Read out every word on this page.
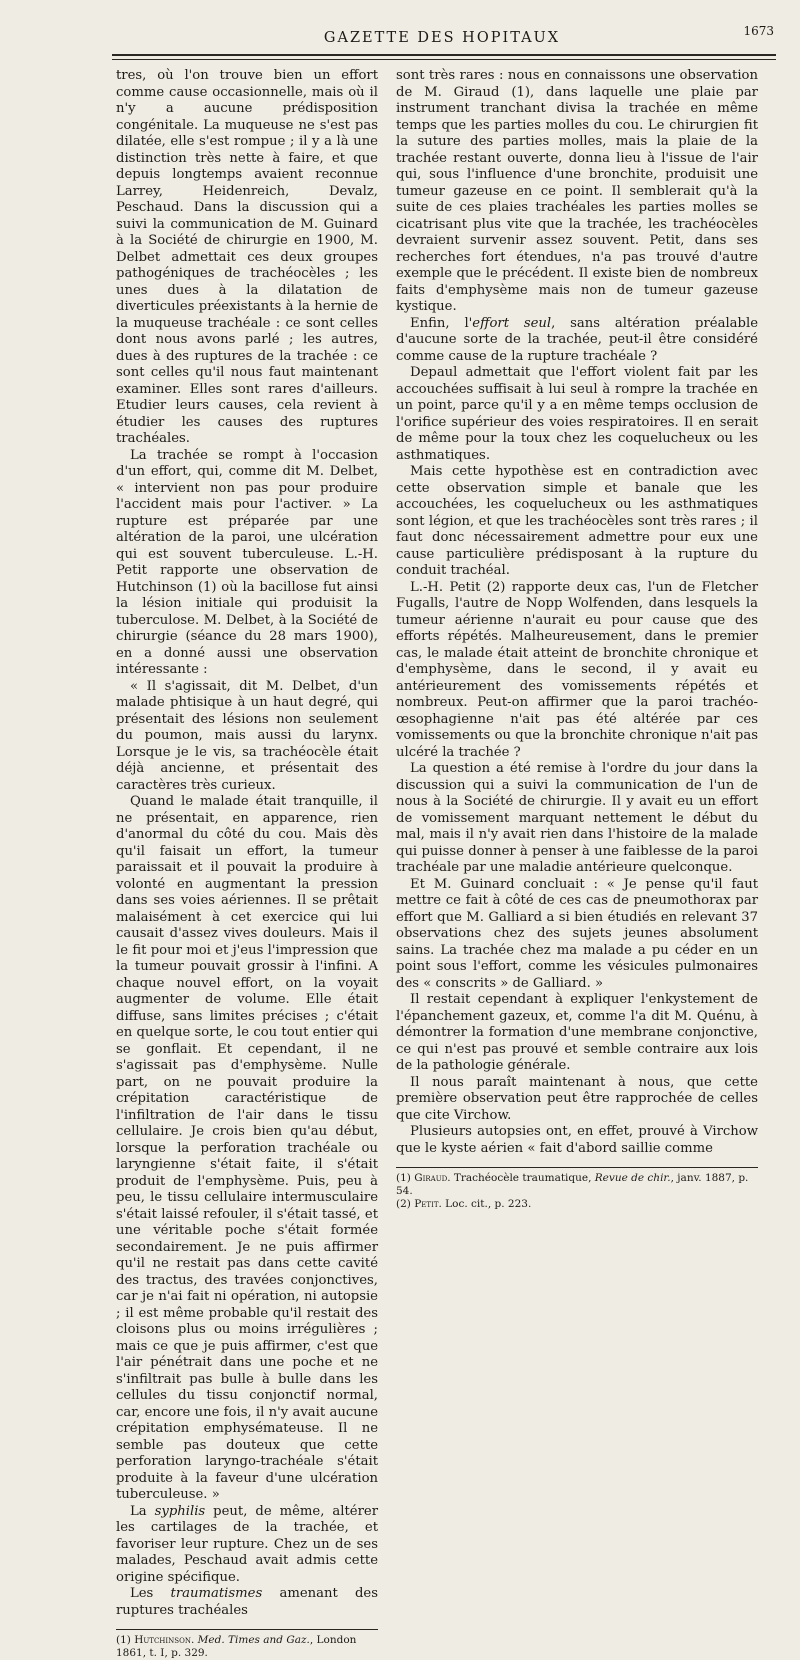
GAZETTE DES HOPITAUX	1673

tres, où l'on trouve bien un effort comme cause occasionnelle, mais où il n'y a aucune prédisposition congénitale. La muqueuse ne s'est pas dilatée, elle s'est rompue ; il y a là une distinction très nette à faire, et que depuis longtemps avaient reconnue Larrey, Heidenreich, Devalz, Peschaud. Dans la discussion qui a suivi la communication de M. Guinard à la Société de chirurgie en 1900, M. Delbet admettait ces deux groupes pathogéniques de trachéocèles ; les unes dues à la dilatation de diverticules préexistants à la hernie de la muqueuse trachéale : ce sont celles dont nous avons parlé ; les autres, dues à des ruptures de la trachée : ce sont celles qu'il nous faut maintenant examiner. Elles sont rares d'ailleurs. Etudier leurs causes, cela revient à étudier les causes des ruptures trachéales.

La trachée se rompt à l'occasion d'un effort, qui, comme dit M. Delbet, « intervient non pas pour produire l'accident mais pour l'activer. » La rupture est préparée par une altération de la paroi, une ulcération qui est souvent tuberculeuse. L.-H. Petit rapporte une observation de Hutchinson (1) où la bacillose fut ainsi la lésion initiale qui produisit la tuberculose. M. Delbet, à la Société de chirurgie (séance du 28 mars 1900), en a donné aussi une observation intéressante :

« Il s'agissait, dit M. Delbet, d'un malade phtisique à un haut degré, qui présentait des lésions non seulement du poumon, mais aussi du larynx. Lorsque je le vis, sa trachéocèle était déjà ancienne, et présentait des caractères très curieux.

Quand le malade était tranquille, il ne présentait, en apparence, rien d'anormal du côté du cou. Mais dès qu'il faisait un effort, la tumeur paraissait et il pouvait la produire à volonté en augmentant la pression dans ses voies aériennes. Il se prêtait malaisément à cet exercice qui lui causait d'assez vives douleurs. Mais il le fit pour moi et j'eus l'impression que la tumeur pouvait grossir à l'infini. A chaque nouvel effort, on la voyait augmenter de volume. Elle était diffuse, sans limites précises ; c'était en quelque sorte, le cou tout entier qui se gonflait. Et cependant, il ne s'agissait pas d'emphysème. Nulle part, on ne pouvait produire la crépitation caractéristique de l'infiltration de l'air dans le tissu cellulaire. Je crois bien qu'au début, lorsque la perforation trachéale ou laryngienne s'était faite, il s'était produit de l'emphysème. Puis, peu à peu, le tissu cellulaire intermusculaire s'était laissé refouler, il s'était tassé, et une véritable poche s'était formée secondairement. Je ne puis affirmer qu'il ne restait pas dans cette cavité des tractus, des travées conjonctives, car je n'ai fait ni opération, ni autopsie ; il est même probable qu'il restait des cloisons plus ou moins irrégulières ; mais ce que je puis affirmer, c'est que l'air pénétrait dans une poche et ne s'infiltrait pas bulle à bulle dans les cellules du tissu conjonctif normal, car, encore une fois, il n'y avait aucune crépitation emphysémateuse. Il ne semble pas douteux que cette perforation laryngo-trachéale s'était produite à la faveur d'une ulcération tuberculeuse. »

La syphilis peut, de même, altérer les cartilages de la trachée, et favoriser leur rupture. Chez un de ses malades, Peschaud avait admis cette origine spécifique.

Les traumatismes amenant des ruptures trachéales

(1) Hutchinson. Med. Times and Gaz., London 1861, t. I, p. 329.

sont très rares : nous en connaissons une observation de M. Giraud (1), dans laquelle une plaie par instrument tranchant divisa la trachée en même temps que les parties molles du cou. Le chirurgien fit la suture des parties molles, mais la plaie de la trachée restant ouverte, donna lieu à l'issue de l'air qui, sous l'influence d'une bronchite, produisit une tumeur gazeuse en ce point. Il semblerait qu'à la suite de ces plaies trachéales les parties molles se cicatrisant plus vite que la trachée, les trachéocèles devraient survenir assez souvent. Petit, dans ses recherches fort étendues, n'a pas trouvé d'autre exemple que le précédent. Il existe bien de nombreux faits d'emphysème mais non de tumeur gazeuse kystique.

Enfin, l'effort seul, sans altération préalable d'aucune sorte de la trachée, peut-il être considéré comme cause de la rupture trachéale ?

Depaul admettait que l'effort violent fait par les accouchées suffisait à lui seul à rompre la trachée en un point, parce qu'il y a en même temps occlusion de l'orifice supérieur des voies respiratoires. Il en serait de même pour la toux chez les coquelucheux ou les asthmatiques.

Mais cette hypothèse est en contradiction avec cette observation simple et banale que les accouchées, les coquelucheux ou les asthmatiques sont légion, et que les trachéocèles sont très rares ; il faut donc nécessairement admettre pour eux une cause particulière prédisposant à la rupture du conduit trachéal.

L.-H. Petit (2) rapporte deux cas, l'un de Fletcher Fugalls, l'autre de Nopp Wolfenden, dans lesquels la tumeur aérienne n'aurait eu pour cause que des efforts répétés. Malheureusement, dans le premier cas, le malade était atteint de bronchite chronique et d'emphysème, dans le second, il y avait eu antérieurement des vomissements répétés et nombreux. Peut-on affirmer que la paroi trachéo-œsophagienne n'ait pas été altérée par ces vomissements ou que la bronchite chronique n'ait pas ulcéré la trachée ?

La question a été remise à l'ordre du jour dans la discussion qui a suivi la communication de l'un de nous à la Société de chirurgie. Il y avait eu un effort de vomissement marquant nettement le début du mal, mais il n'y avait rien dans l'histoire de la malade qui puisse donner à penser à une faiblesse de la paroi trachéale par une maladie antérieure quelconque.

Et M. Guinard concluait : « Je pense qu'il faut mettre ce fait à côté de ces cas de pneumothorax par effort que M. Galliard a si bien étudiés en relevant 37 observations chez des sujets jeunes absolument sains. La trachée chez ma malade a pu céder en un point sous l'effort, comme les vésicules pulmonaires des « conscrits » de Galliard. »

Il restait cependant à expliquer l'enkystement de l'épanchement gazeux, et, comme l'a dit M. Quénu, à démontrer la formation d'une membrane conjonctive, ce qui n'est pas prouvé et semble contraire aux lois de la pathologie générale.

Il nous paraît maintenant à nous, que cette première observation peut être rapprochée de celles que cite Virchow.

Plusieurs autopsies ont, en effet, prouvé à Virchow que le kyste aérien « fait d'abord saillie comme

(1) Giraud. Trachéocèle traumatique, Revue de chir., janv. 1887, p. 54.

(2) Petit. Loc. cit., p. 223.
